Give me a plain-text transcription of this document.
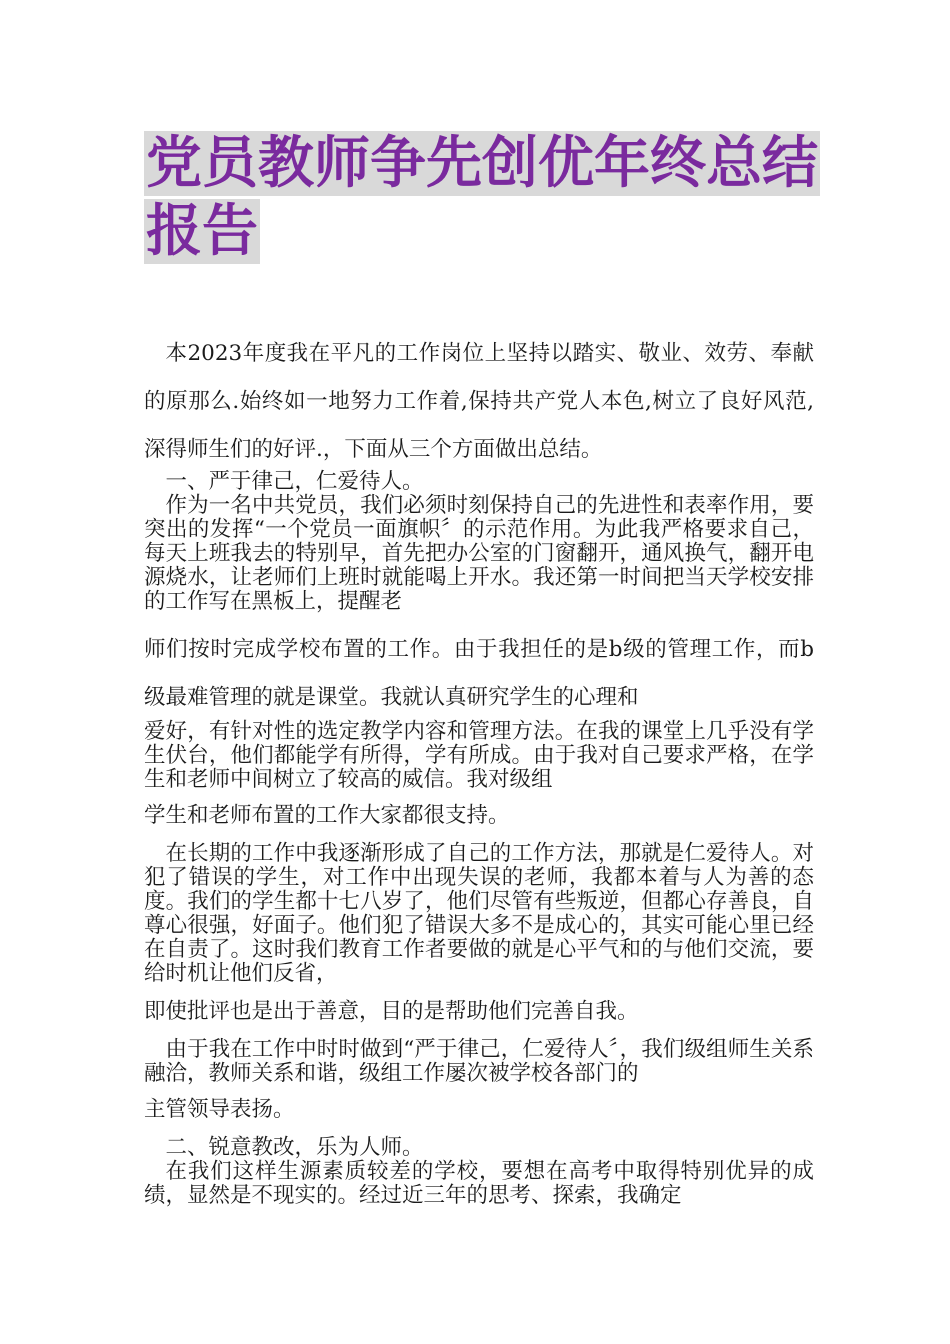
党员教师争先创优年终总结报告

本2023年度我在平凡的工作岗位上坚持以踏实、敬业、效劳、奉献的原那么.始终如一地努力工作着,保持共产党人本色,树立了良好风范,深得师生们的好评.，下面从三个方面做出总结。

一、严于律己，仁爱待人。

作为一名中共党员，我们必须时刻保持自己的先进性和表率作用，要突出的发挥“一个党员一面旗帜〞的示范作用。为此我严格要求自己，每天上班我去的特别早，首先把办公室的门窗翻开，通风换气，翻开电源烧水，让老师们上班时就能喝上开水。我还第一时间把当天学校安排的工作写在黑板上，提醒老

师们按时完成学校布置的工作。由于我担任的是b级的管理工作，而b级最难管理的就是课堂。我就认真研究学生的心理和

爱好，有针对性的选定教学内容和管理方法。在我的课堂上几乎没有学生伏台，他们都能学有所得，学有所成。由于我对自己要求严格，在学生和老师中间树立了较高的威信。我对级组

学生和老师布置的工作大家都很支持。

在长期的工作中我逐渐形成了自己的工作方法，那就是仁爱待人。对犯了错误的学生，对工作中出现失误的老师，我都本着与人为善的态度。我们的学生都十七八岁了，他们尽管有些叛逆，但都心存善良，自尊心很强，好面子。他们犯了错误大多不是成心的，其实可能心里已经在自责了。这时我们教育工作者要做的就是心平气和的与他们交流，要给时机让他们反省，

即使批评也是出于善意，目的是帮助他们完善自我。

由于我在工作中时时做到“严于律己，仁爱待人〞，我们级组师生关系融洽，教师关系和谐，级组工作屡次被学校各部门的

主管领导表扬。

二、锐意教改，乐为人师。

在我们这样生源素质较差的学校，要想在高考中取得特别优异的成绩，显然是不现实的。经过近三年的思考、探索，我确定
